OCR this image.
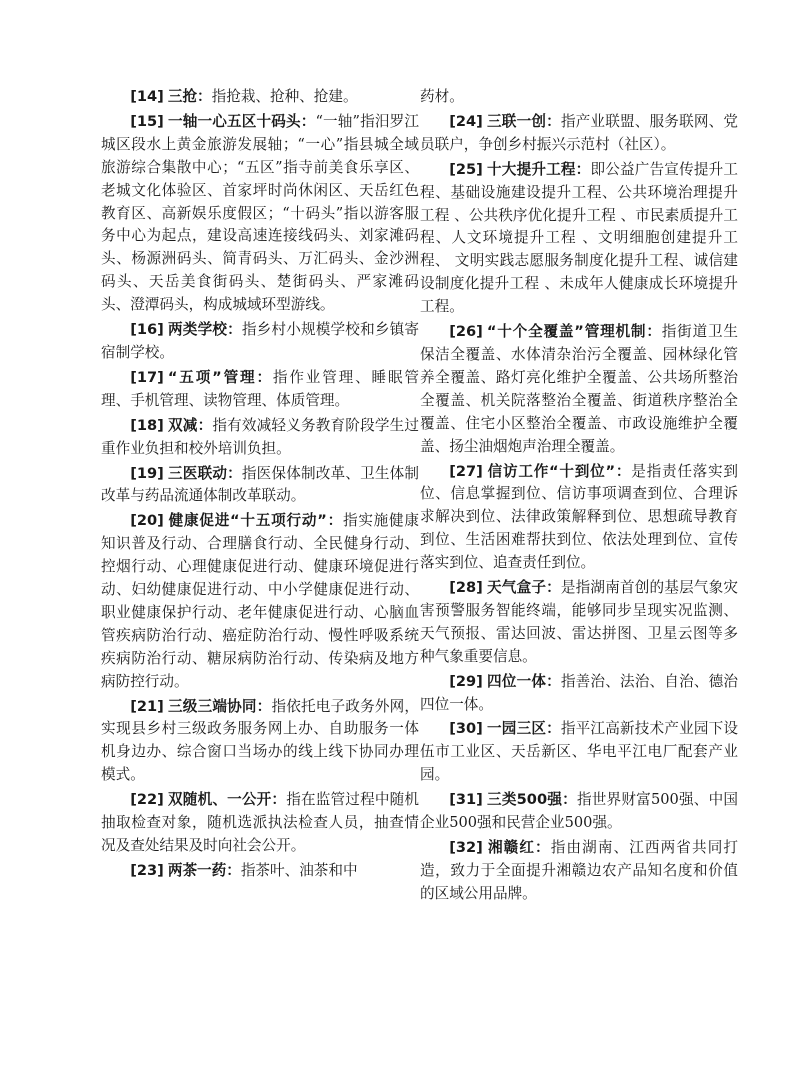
[14] 三抢：指抢栽、抢种、抢建。

[15] 一轴一心五区十码头：“一轴”指汨罗江城区段水上黄金旅游发展轴；“一心”指县城全域旅游综合集散中心；“五区”指寺前美食乐享区、老城文化体验区、首家坪时尚休闲区、天岳红色教育区、高新娱乐度假区；“十码头”指以游客服务中心为起点，建设高速连接线码头、刘家滩码头、杨源洲码头、简青码头、万汇码头、金沙洲码头、天岳美食街码头、楚街码头、严家滩码头、澄潭码头，构成城域环型游线。

[16] 两类学校：指乡村小规模学校和乡镇寄宿制学校。

[17] “五项”管理：指作业管理、睡眠管理、手机管理、读物管理、体质管理。

[18] 双减：指有效减轻义务教育阶段学生过重作业负担和校外培训负担。

[19] 三医联动：指医保体制改革、卫生体制改革与药品流通体制改革联动。

[20] 健康促进“十五项行动”：指实施健康知识普及行动、合理膳食行动、全民健身行动、控烟行动、心理健康促进行动、健康环境促进行动、妇幼健康促进行动、中小学健康促进行动、职业健康保护行动、老年健康促进行动、心脑血管疾病防治行动、癌症防治行动、慢性呼吸系统疾病防治行动、糖尿病防治行动、传染病及地方病防控行动。

[21] 三级三端协同：指依托电子政务外网，实现县乡村三级政务服务网上办、自助服务一体机身边办、综合窗口当场办的线上线下协同办理模式。

[22] 双随机、一公开：指在监管过程中随机抽取检查对象，随机选派执法检查人员，抽查情况及查处结果及时向社会公开。

[23] 两茶一药：指茶叶、油茶和中

药材。

[24] 三联一创：指产业联盟、服务联网、党员联户，争创乡村振兴示范村（社区）。

[25] 十大提升工程：即公益广告宣传提升工程、基础设施建设提升工程、公共环境治理提升工程 、公共秩序优化提升工程 、市民素质提升工程、人文环境提升工程 、文明细胞创建提升工程、 文明实践志愿服务制度化提升工程、诚信建设制度化提升工程 、未成年人健康成长环境提升工程。

[26] “十个全覆盖”管理机制：指街道卫生保洁全覆盖、水体清杂治污全覆盖、园林绿化管养全覆盖、路灯亮化维护全覆盖、公共场所整治全覆盖、机关院落整治全覆盖、街道秩序整治全覆盖、住宅小区整治全覆盖、市政设施维护全覆盖、扬尘油烟炮声治理全覆盖。

[27] 信访工作“十到位”：是指责任落实到位、信息掌握到位、信访事项调查到位、合理诉求解决到位、法律政策解释到位、思想疏导教育到位、生活困难帮扶到位、依法处理到位、宣传落实到位、追查责任到位。

[28] 天气盒子：是指湖南首创的基层气象灾害预警服务智能终端，能够同步呈现实况监测、天气预报、雷达回波、雷达拼图、卫星云图等多种气象重要信息。

[29] 四位一体：指善治、法治、自治、德治四位一体。

[30] 一园三区：指平江高新技术产业园下设伍市工业区、天岳新区、华电平江电厂配套产业园。

[31] 三类500强：指世界财富500强、中国企业500强和民营企业500强。

[32] 湘赣红：指由湖南、江西两省共同打造，致力于全面提升湘赣边农产品知名度和价值的区域公用品牌。
